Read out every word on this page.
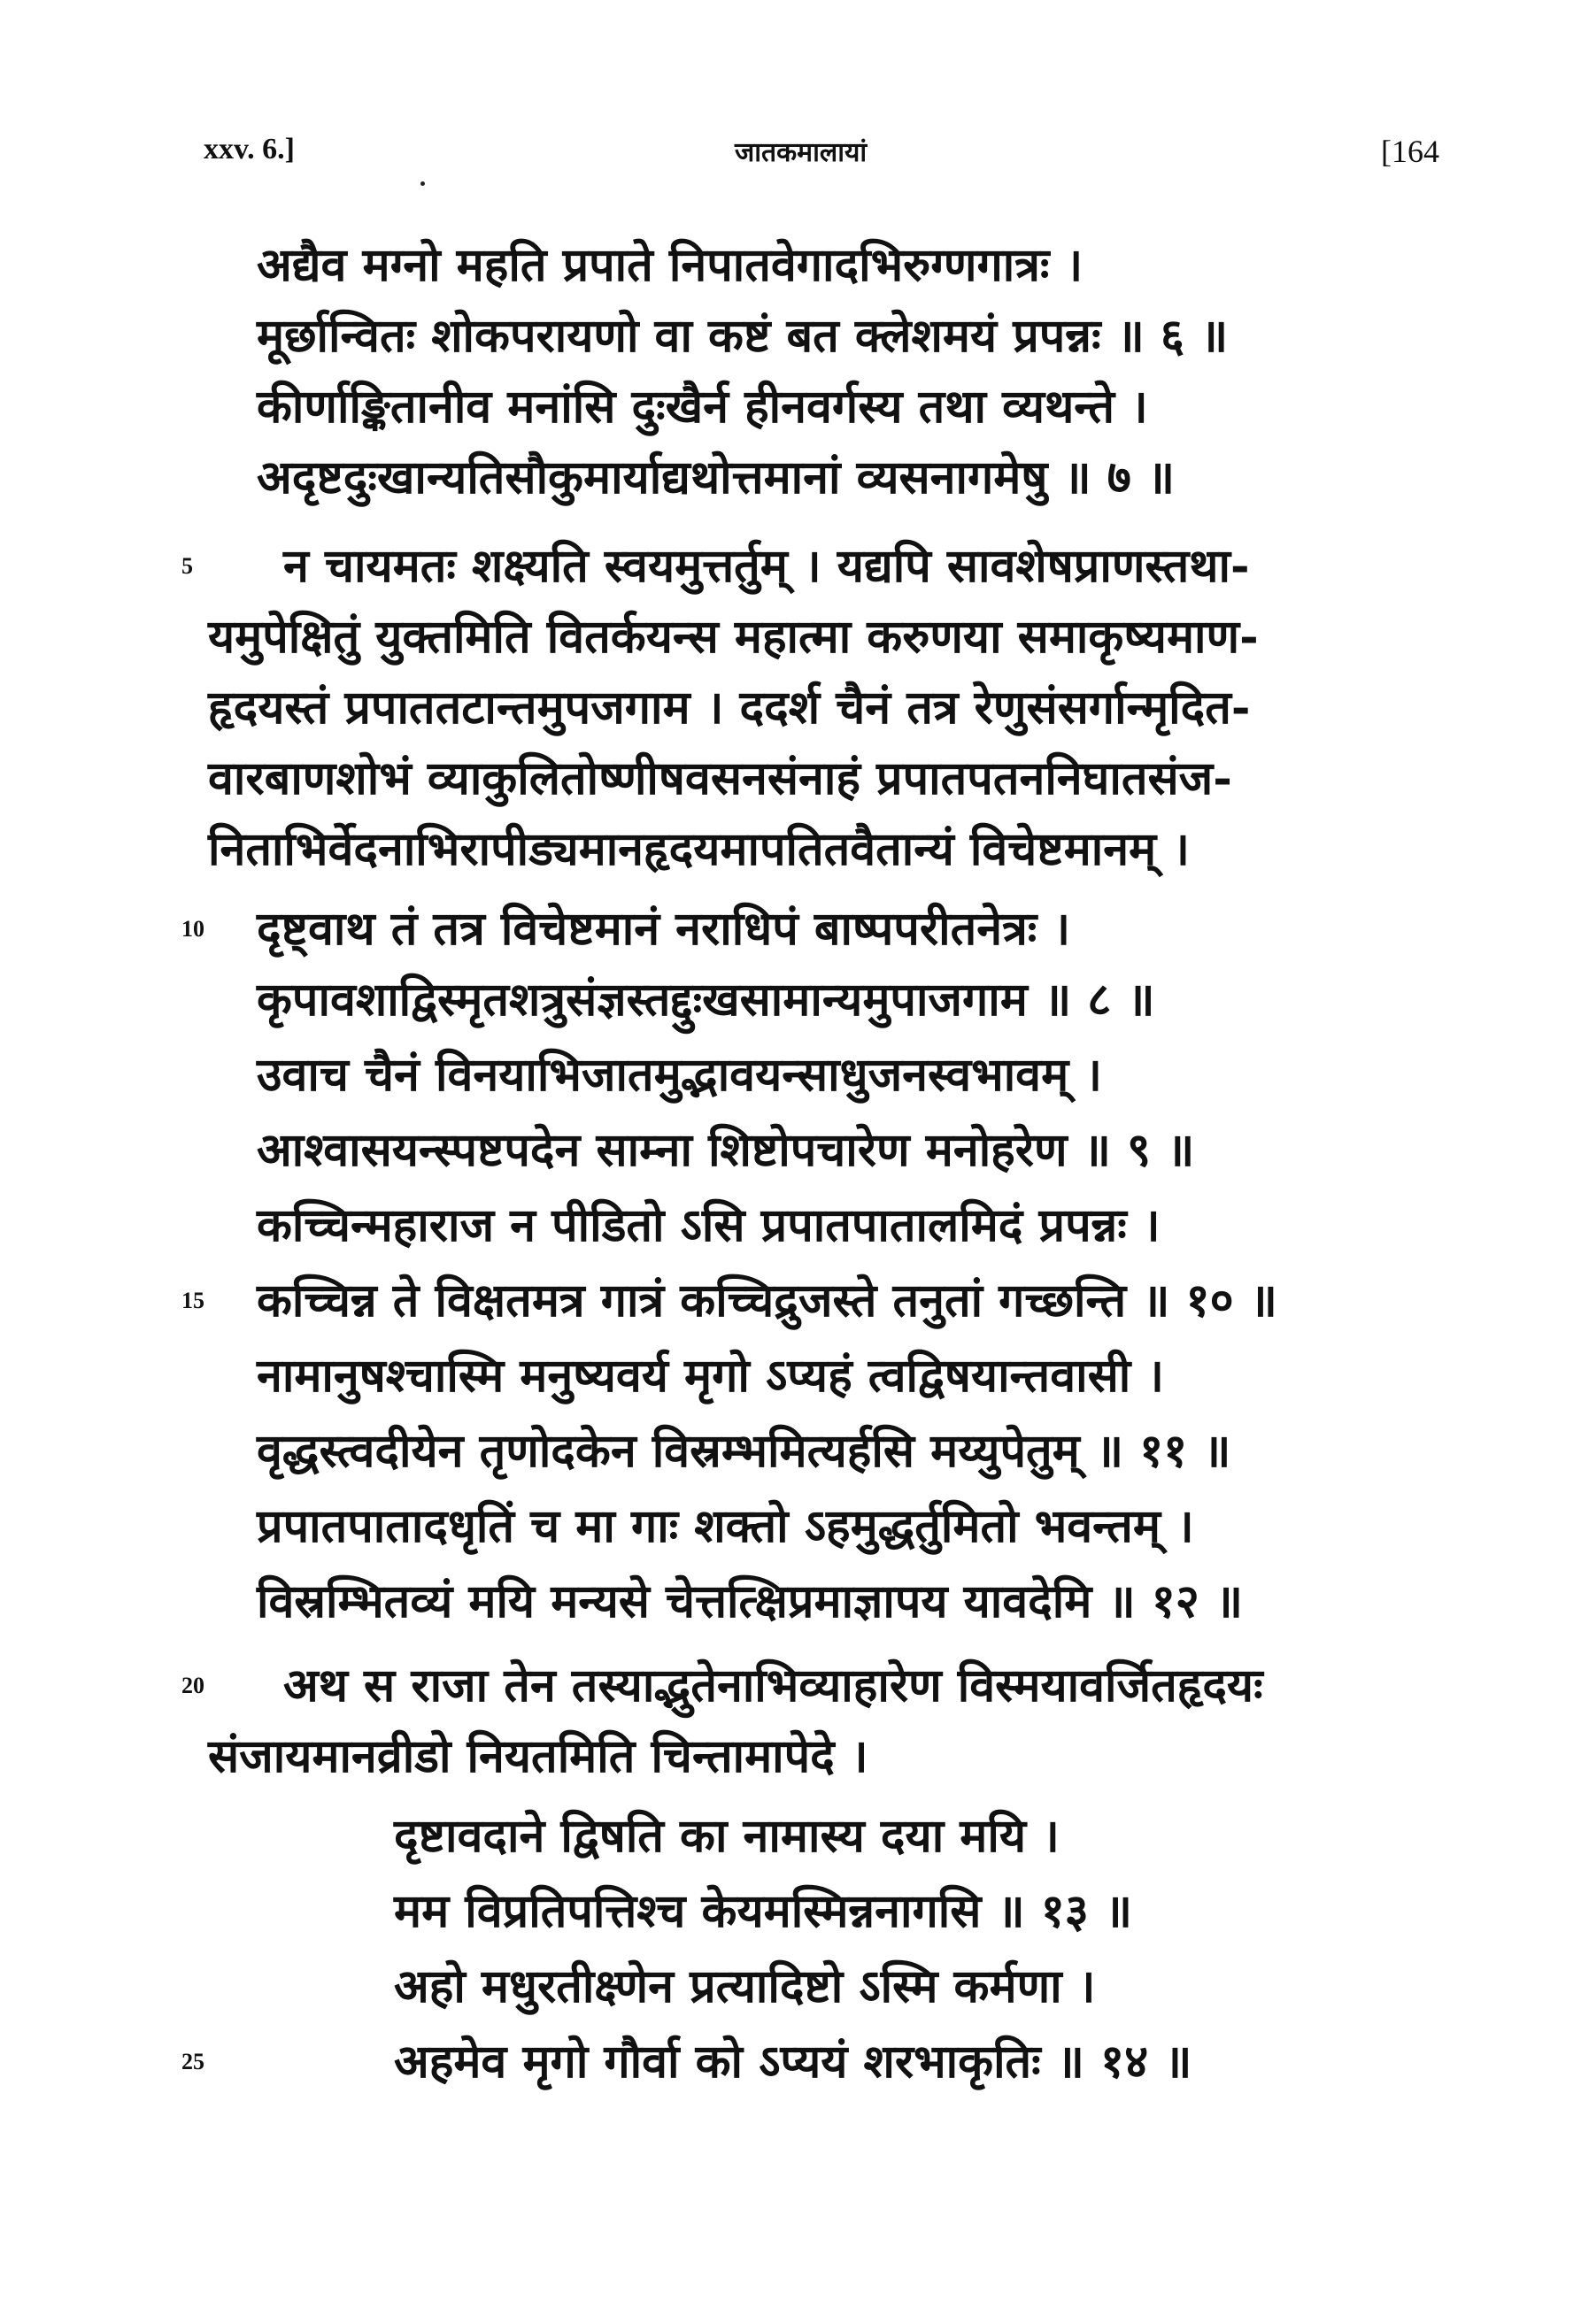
xxv. 6.]	जातकमालायां	[164
अद्यैव मग्नो महति प्रपाते निपातवेगादभिरुग्णगात्रः ।
मूर्छान्वितः शोकपरायणो वा कष्टं बत क्लेशमयं प्रपन्नः ॥ ६ ॥
कीर्णाङ्कितानीव मनांसि दुःखैर्न हीनवर्गस्य तथा व्यथन्ते ।
अदृष्टदुःखान्यतिसौकुमार्याद्यथोत्तमानां व्यसनागमेषु ॥ ७ ॥
5 न चायमतः शक्ष्यति स्वयमुत्तर्तुम् । यद्यपि सावशेषप्राणस्तथा-
यमुपेक्षितुं युक्तमिति वितर्कयन्स महात्मा करुणया समाकृष्यमाण-
हृदयस्तं प्रपाततटान्तमुपजगाम । ददर्श चैनं तत्र रेणुसंसर्गान्मृदित-
वारबाणशोभं व्याकुलितोष्णीषवसनसंनाहं प्रपातपतननिघातसंज-
निताभिर्वेदनाभिरापीड्यमानहृदयमापतितवैतान्यं विचेष्टमानम् ।
10 दृष्ट्वाथ तं तत्र विचेष्टमानं नराधिपं बाष्पपरीतनेत्रः ।
कृपावशाद्विस्मृतशत्रुसंज्ञस्तद्दुःखसामान्यमुपाजगाम ॥ ८ ॥
उवाच चैनं विनयाभिजातमुद्भावयन्साधुजनस्वभावम् ।
आश्वासयन्स्पष्टपदेन साम्ना शिष्टोपचारेण मनोहरेण ॥ ९ ॥
कच्चिन्महाराज न पीडितो ऽसि प्रपातपातालमिदं प्रपन्नः ।
15 कच्चिन्न ते विक्षतमत्र गात्रं कच्चिद्रुजस्ते तनुतां गच्छन्ति ॥ १० ॥
नामानुषश्चास्मि मनुष्यवर्य मृगो ऽप्यहं त्वद्विषयान्तवासी ।
वृद्धस्त्वदीयेन तृणोदकेन विस्रम्भमित्यर्हसि मय्युपेतुम् ॥ ११ ॥
प्रपातपातादधृतिं च मा गाः शक्तो ऽहमुद्धर्तुमितो भवन्तम् ।
विस्रम्भितव्यं मयि मन्यसे चेत्तत्क्षिप्रमाज्ञापय यावदेमि ॥ १२ ॥
20 अथ स राजा तेन तस्याद्भुतेनाभिव्याहारेण विस्मयावर्जितहृदयः
संजायमानव्रीडो नियतमिति चिन्तामापेदे ।
दृष्टावदाने द्विषति का नामास्य दया मयि ।
मम विप्रतिपत्तिश्च केयमस्मिन्ननागसि ॥ १३ ॥
अहो मधुरतीक्ष्णेन प्रत्यादिष्टो ऽस्मि कर्मणा ।
25	अहमेव मृगो गौर्वा को ऽप्ययं शरभाकृतिः ॥ १४ ॥
